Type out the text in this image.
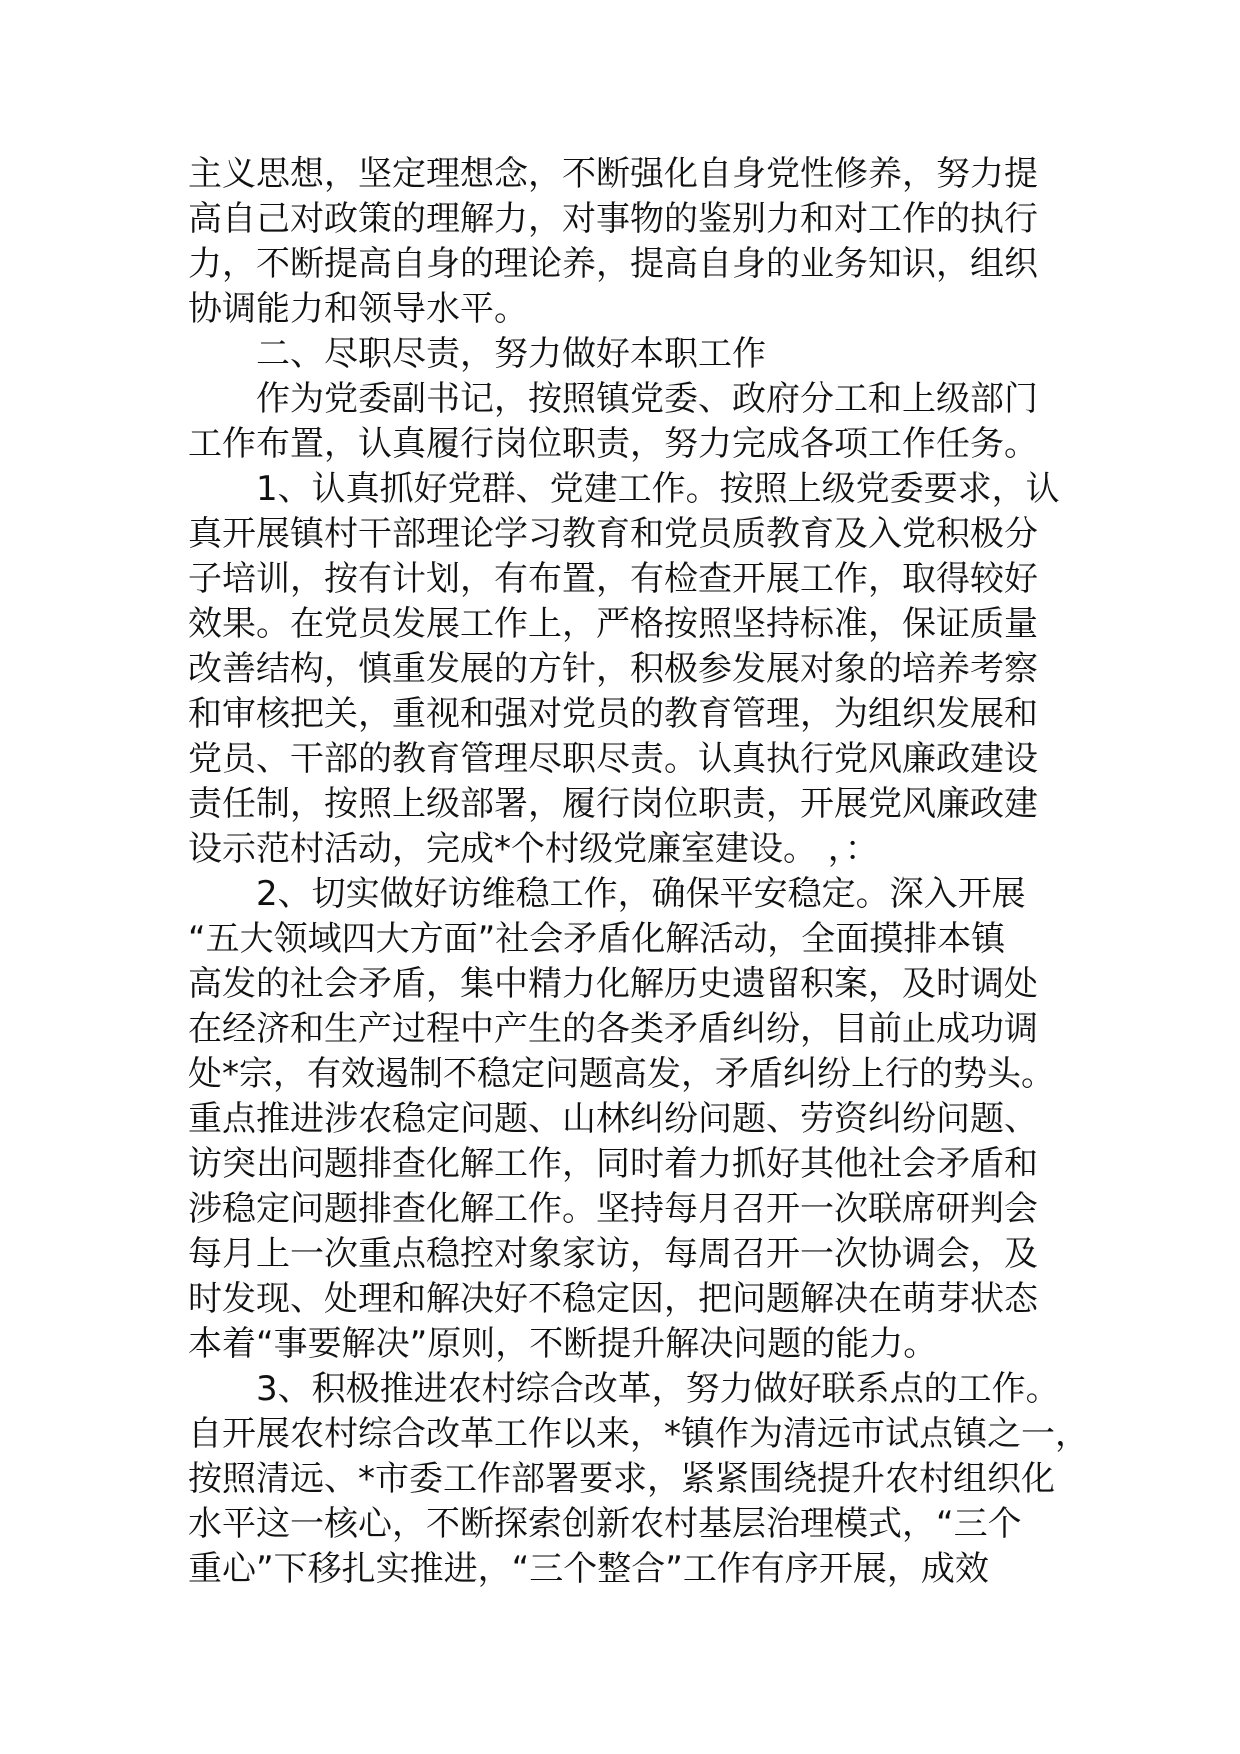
主义思想，坚定理想念，不断强化自身党性修养，努力提
高自己对政策的理解力，对事物的鉴别力和对工作的执行
力，不断提高自身的理论养，提高自身的业务知识，组织
协调能力和领导水平。
二、尽职尽责，努力做好本职工作
作为党委副书记，按照镇党委、政府分工和上级部门
工作布置，认真履行岗位职责，努力完成各项工作任务。
1、认真抓好党群、党建工作。按照上级党委要求，认
真开展镇村干部理论学习教育和党员质教育及入党积极分
子培训，按有计划，有布置，有检查开展工作，取得较好
效果。在党员发展工作上，严格按照坚持标准，保证质量
改善结构，慎重发展的方针，积极参发展对象的培养考察
和审核把关，重视和强对党员的教育管理，为组织发展和
党员、干部的教育管理尽职尽责。认真执行党风廉政建设
责任制，按照上级部署，履行岗位职责，开展党风廉政建
设示范村活动，完成*个村级党廉室建设。 ，：
2、切实做好访维稳工作，确保平安稳定。深入开展
“五大领域四大方面”社会矛盾化解活动，全面摸排本镇
高发的社会矛盾，集中精力化解历史遗留积案，及时调处
在经济和生产过程中产生的各类矛盾纠纷，目前止成功调
处*宗，有效遏制不稳定问题高发，矛盾纠纷上行的势头。
重点推进涉农稳定问题、山林纠纷问题、劳资纠纷问题、
访突出问题排查化解工作，同时着力抓好其他社会矛盾和
涉稳定问题排查化解工作。坚持每月召开一次联席研判会
每月上一次重点稳控对象家访，每周召开一次协调会，及
时发现、处理和解决好不稳定因，把问题解决在萌芽状态
本着“事要解决”原则，不断提升解决问题的能力。
3、积极推进农村综合改革，努力做好联系点的工作。
自开展农村综合改革工作以来，*镇作为清远市试点镇之一，
按照清远、*市委工作部署要求，紧紧围绕提升农村组织化
水平这一核心，不断探索创新农村基层治理模式，“三个
重心”下移扎实推进，“三个整合”工作有序开展，成效
